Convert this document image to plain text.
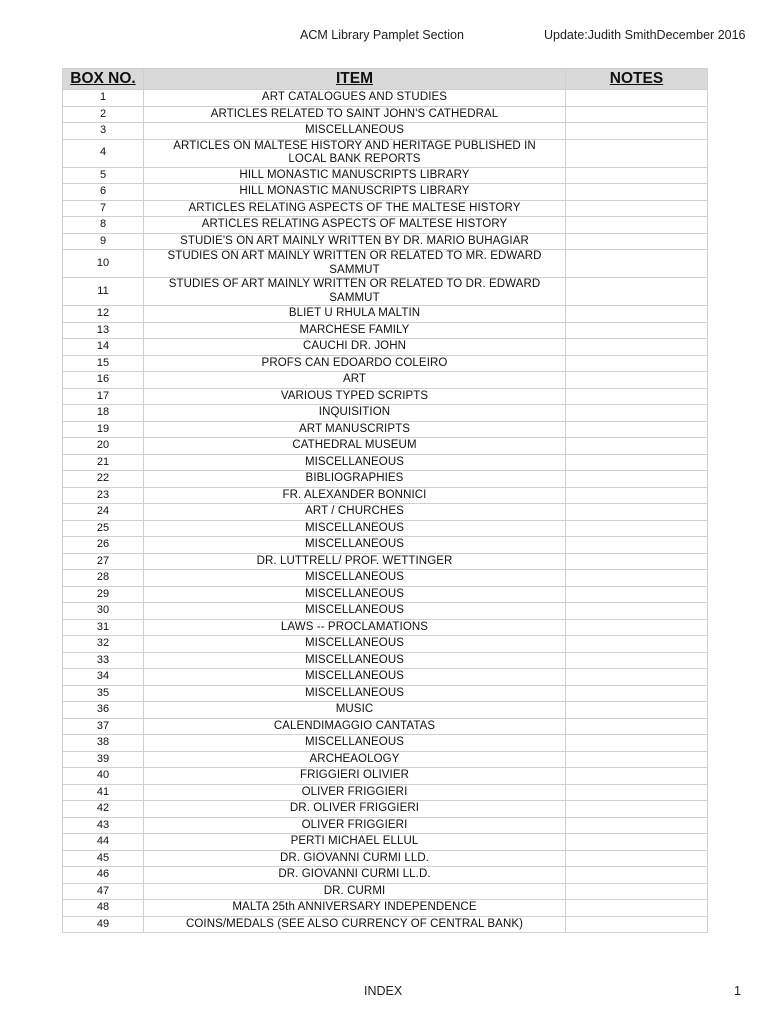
ACM Library Pamplet Section	Update:Judith SmithDecember 2016
BOX NO.	ITEM	NOTES
1	ART CATALOGUES AND STUDIES	
2	ARTICLES RELATED TO SAINT JOHN'S CATHEDRAL	
3	MISCELLANEOUS	
4	ARTICLES ON MALTESE HISTORY AND HERITAGE PUBLISHED IN LOCAL BANK REPORTS	
5	HILL MONASTIC MANUSCRIPTS LIBRARY	
6	HILL MONASTIC MANUSCRIPTS LIBRARY	
7	ARTICLES RELATING ASPECTS OF THE MALTESE HISTORY	
8	ARTICLES RELATING ASPECTS OF MALTESE HISTORY	
9	STUDIE'S ON ART MAINLY WRITTEN BY DR. MARIO BUHAGIAR	
10	STUDIES ON ART MAINLY WRITTEN OR RELATED TO MR. EDWARD SAMMUT	
11	STUDIES OF ART MAINLY WRITTEN OR RELATED TO DR. EDWARD SAMMUT	
12	BLIET U RHULA MALTIN	
13	MARCHESE FAMILY	
14	CAUCHI DR. JOHN	
15	PROFS CAN EDOARDO COLEIRO	
16	ART	
17	VARIOUS TYPED SCRIPTS	
18	INQUISITION	
19	ART MANUSCRIPTS	
20	CATHEDRAL MUSEUM	
21	MISCELLANEOUS	
22	BIBLIOGRAPHIES	
23	FR. ALEXANDER BONNICI	
24	ART / CHURCHES	
25	MISCELLANEOUS	
26	MISCELLANEOUS	
27	DR. LUTTRELL/ PROF. WETTINGER	
28	MISCELLANEOUS	
29	MISCELLANEOUS	
30	MISCELLANEOUS	
31	LAWS -- PROCLAMATIONS	
32	MISCELLANEOUS	
33	MISCELLANEOUS	
34	MISCELLANEOUS	
35	MISCELLANEOUS	
36	MUSIC	
37	CALENDIMAGGIO CANTATAS	
38	MISCELLANEOUS	
39	ARCHEAOLOGY	
40	FRIGGIERI OLIVIER	
41	OLIVER FRIGGIERI	
42	DR. OLIVER FRIGGIERI	
43	OLIVER FRIGGIERI	
44	PERTI MICHAEL ELLUL	
45	DR. GIOVANNI CURMI LLD.	
46	DR. GIOVANNI CURMI LL.D.	
47	DR. CURMI	
48	MALTA 25th ANNIVERSARY INDEPENDENCE	
49	COINS/MEDALS (SEE ALSO CURRENCY OF CENTRAL BANK)	
INDEX	1
